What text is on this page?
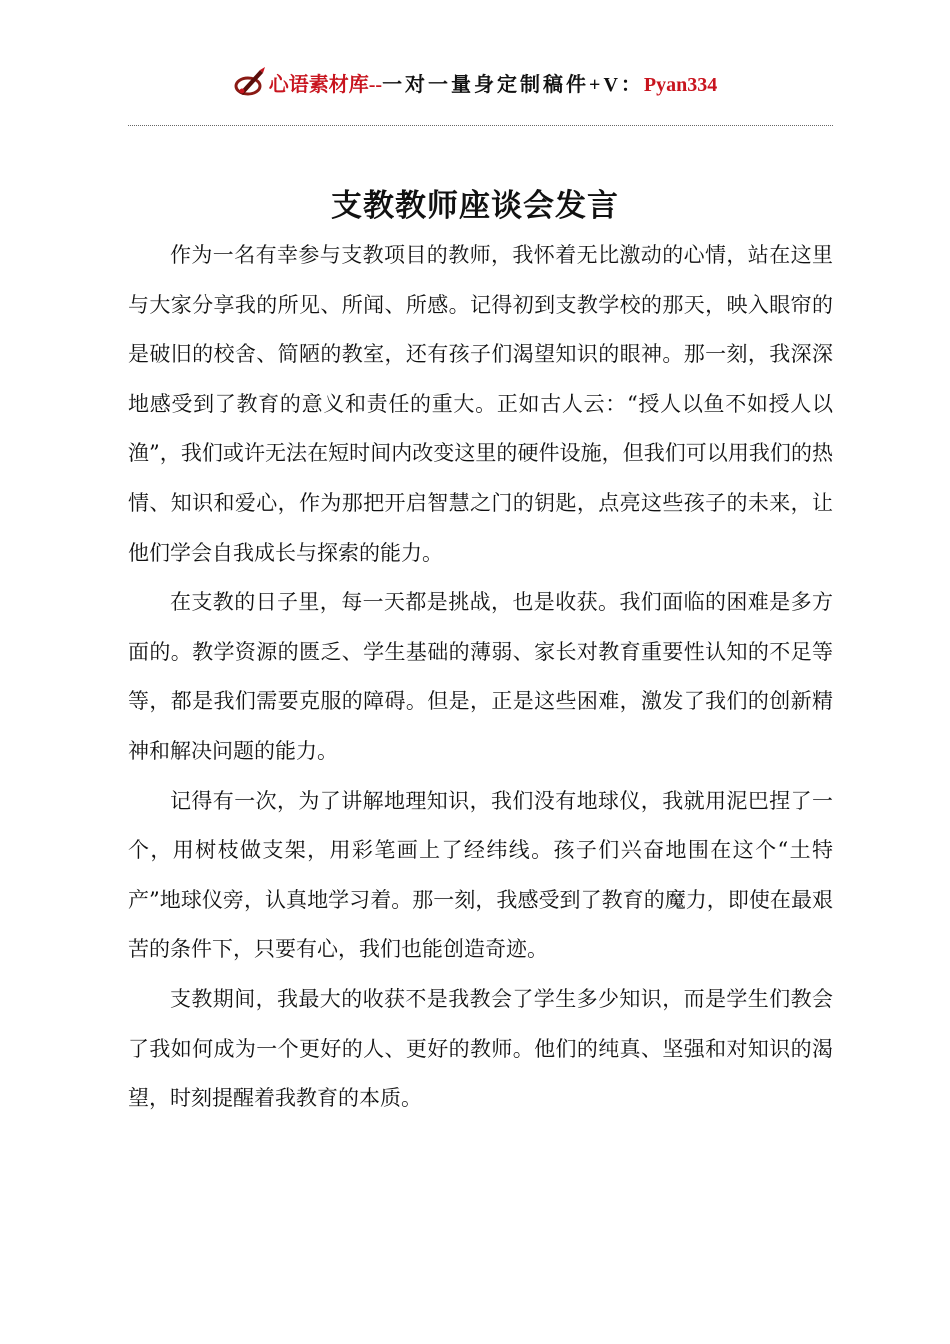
心语素材库--一对一量身定制稿件+V：Pyan334
支教教师座谈会发言

作为一名有幸参与支教项目的教师，我怀着无比激动的心情，站在这里与大家分享我的所见、所闻、所感。记得初到支教学校的那天，映入眼帘的是破旧的校舍、简陋的教室，还有孩子们渴望知识的眼神。那一刻，我深深地感受到了教育的意义和责任的重大。正如古人云：“授人以鱼不如授人以渔”，我们或许无法在短时间内改变这里的硬件设施，但我们可以用我们的热情、知识和爱心，作为那把开启智慧之门的钥匙，点亮这些孩子的未来，让他们学会自我成长与探索的能力。

在支教的日子里，每一天都是挑战，也是收获。我们面临的困难是多方面的。教学资源的匮乏、学生基础的薄弱、家长对教育重要性认知的不足等等，都是我们需要克服的障碍。但是，正是这些困难，激发了我们的创新精神和解决问题的能力。

记得有一次，为了讲解地理知识，我们没有地球仪，我就用泥巴捏了一个，用树枝做支架，用彩笔画上了经纬线。孩子们兴奋地围在这个“土特产”地球仪旁，认真地学习着。那一刻，我感受到了教育的魔力，即使在最艰苦的条件下，只要有心，我们也能创造奇迹。

支教期间，我最大的收获不是我教会了学生多少知识，而是学生们教会了我如何成为一个更好的人、更好的教师。他们的纯真、坚强和对知识的渴望，时刻提醒着我教育的本质。
